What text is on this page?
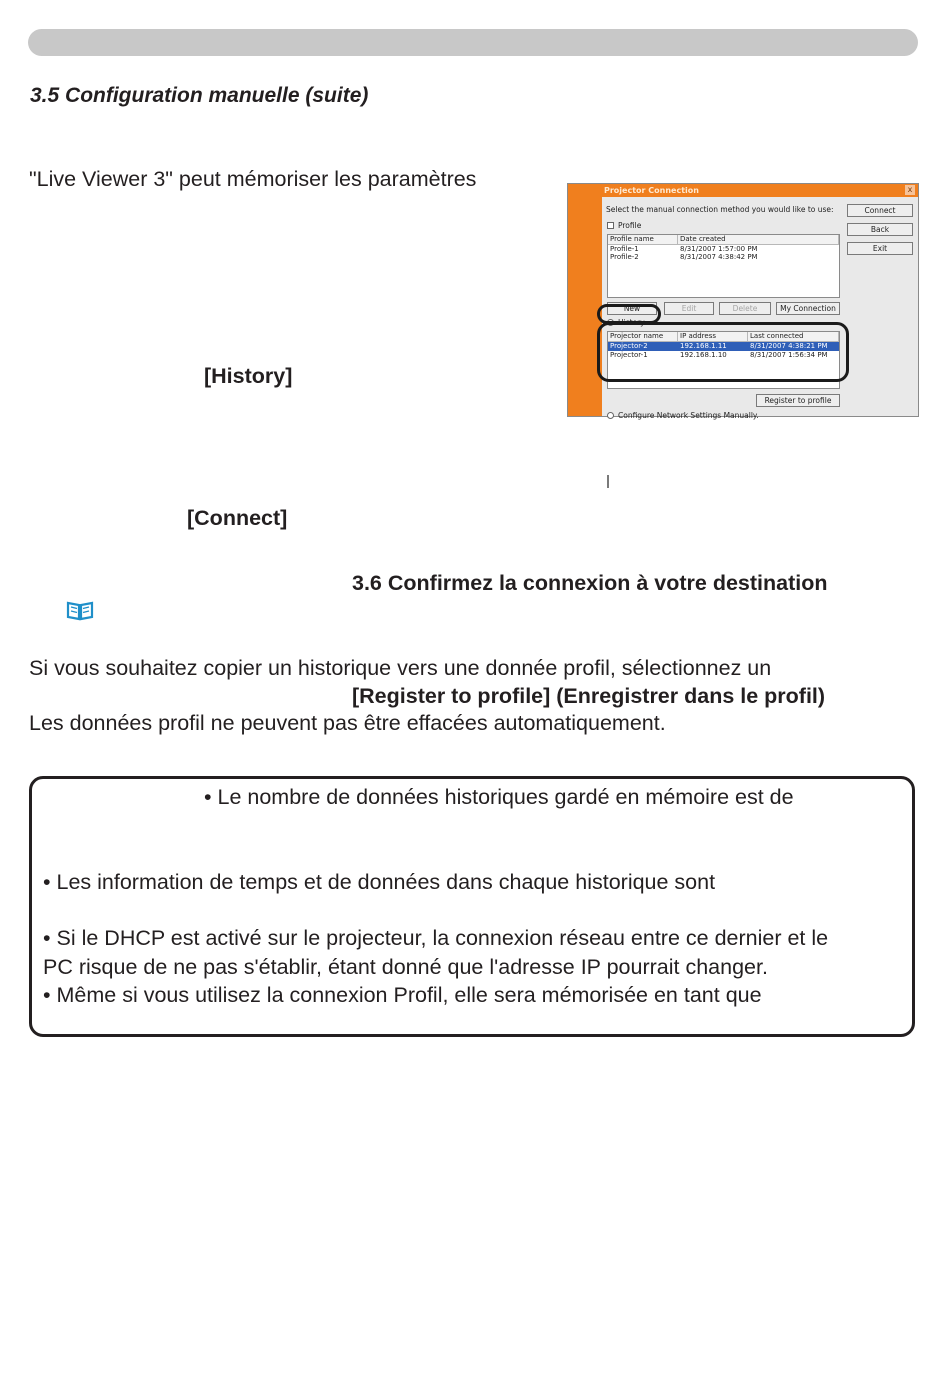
3.5 Configuration manuelle (suite)
"Live Viewer 3" peut mémoriser les paramètres
[History]
[Connect]
3.6 Confirmez la connexion à votre destination
Si vous souhaitez copier un historique vers une donnée profil, sélectionnez un
[Register to profile] (Enregistrer dans le profil)
Les données profil ne peuvent pas être effacées automatiquement.
• Le nombre de données historiques gardé en mémoire est de
• Les information de temps et de données dans chaque historique sont
• Si le DHCP est activé sur le projecteur, la connexion réseau entre ce dernier et le
PC risque de ne pas s'établir, étant donné que l'adresse IP pourrait changer.
• Même si vous utilisez la connexion Profil, elle sera mémorisée en tant que
Projector Connection	x
Select the manual connection method you would like to use:
Profile
Connect
Back
Exit
Profile name	Date created
Profile-1	8/31/2007 1:57:00 PM
Profile-2	8/31/2007 4:38:42 PM
New	Edit	Delete	My Connection
History
Projector name	IP address	Last connected
Projector-2	192.168.1.11	8/31/2007 4:38:21 PM
Projector-1	192.168.1.10	8/31/2007 1:56:34 PM
Register to profile
Configure Network Settings Manually.
